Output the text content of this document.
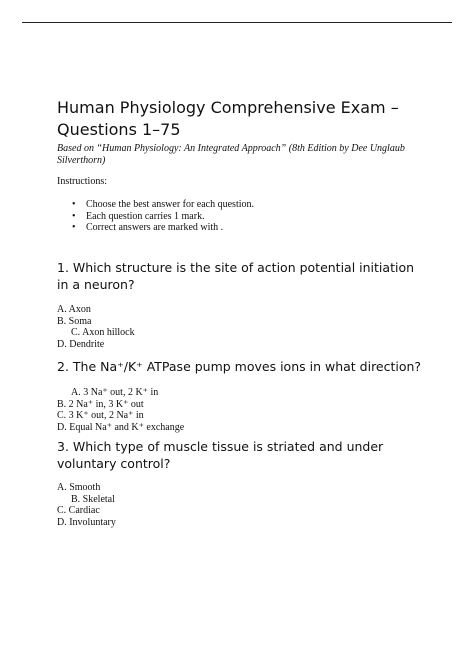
Human Physiology Comprehensive Exam – Questions 1–75
Based on “Human Physiology: An Integrated Approach” (8th Edition by Dee Unglaub Silverthorn)
Instructions:
• Choose the best answer for each question.
• Each question carries 1 mark.
• Correct answers are marked with .
1. Which structure is the site of action potential initiation in a neuron?
A. Axon
B. Soma
C. Axon hillock
D. Dendrite
2. The Na⁺/K⁺ ATPase pump moves ions in what direction?
A. 3 Na⁺ out, 2 K⁺ in
B. 2 Na⁺ in, 3 K⁺ out
C. 3 K⁺ out, 2 Na⁺ in
D. Equal Na⁺ and K⁺ exchange
3. Which type of muscle tissue is striated and under voluntary control?
A. Smooth
B. Skeletal
C. Cardiac
D. Involuntary
